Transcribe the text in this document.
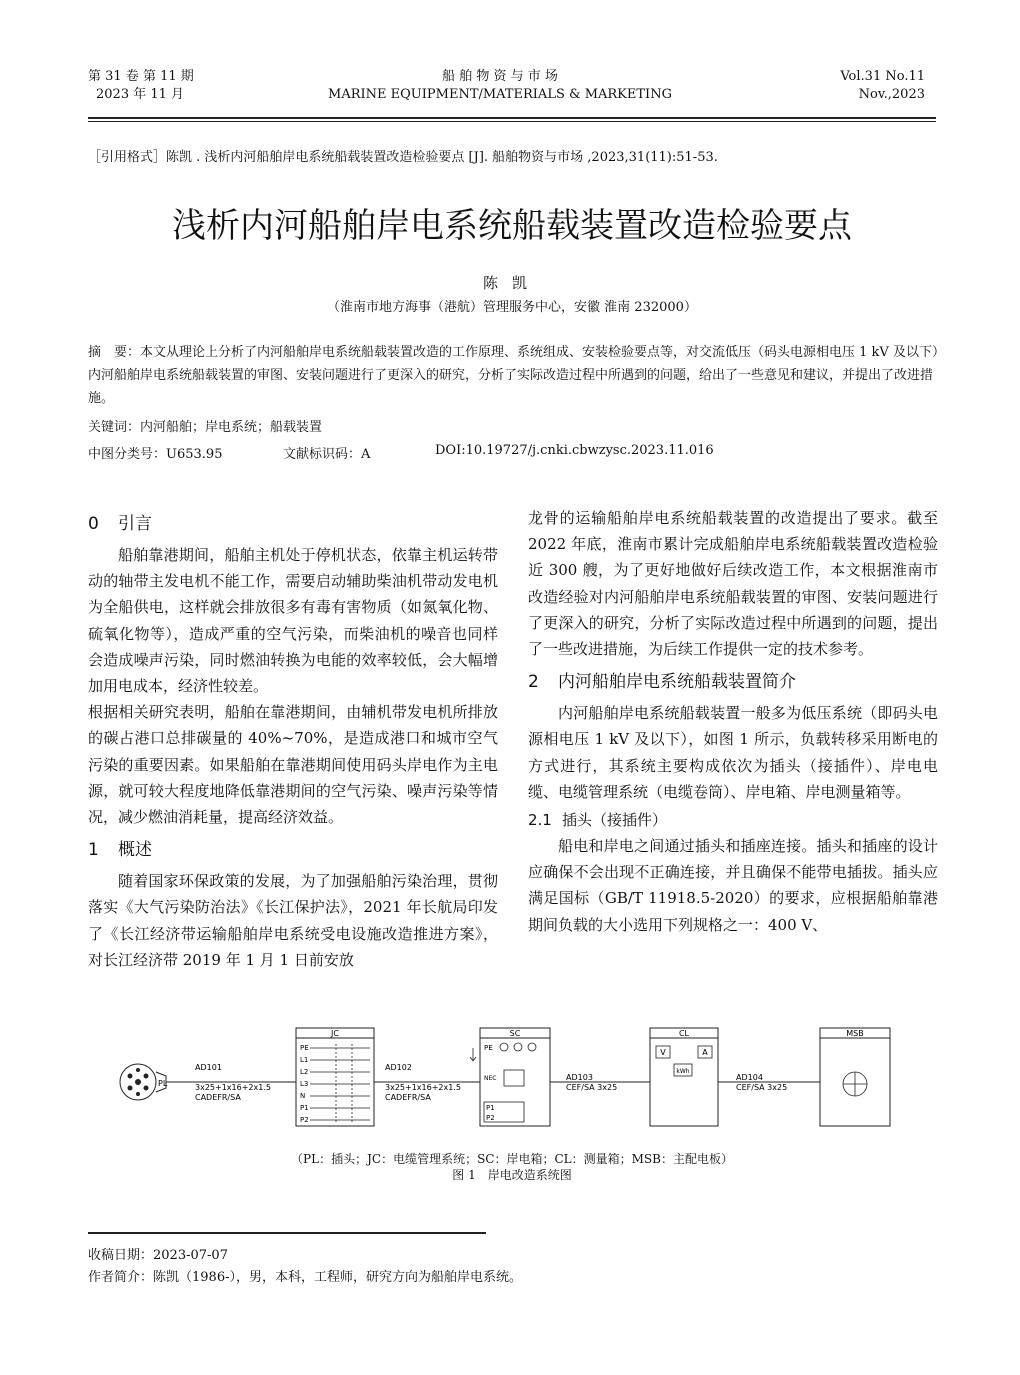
第 31 卷 第 11 期
2023 年 11 月
船 舶 物 资 与 市 场
MARINE EQUIPMENT/MATERIALS & MARKETING
Vol.31 No.11
Nov.,2023
［引用格式］陈凯 . 浅析内河船舶岸电系统船载装置改造检验要点 [J]. 船舶物资与市场 ,2023,31(11):51-53.
浅析内河船舶岸电系统船载装置改造检验要点
陈凯
（淮南市地方海事（港航）管理服务中心，安徽 淮南 232000）
摘　要：本文从理论上分析了内河船舶岸电系统船载装置改造的工作原理、系统组成、安装检验要点等，对交流低压（码头电源相电压 1 kV 及以下）内河船舶岸电系统船载装置的审图、安装问题进行了更深入的研究，分析了实际改造过程中所遇到的问题，给出了一些意见和建议，并提出了改进措施。
关键词：内河船舶；岸电系统；船载装置
中图分类号：U653.95	文献标识码：A	DOI:10.19727/j.cnki.cbwzysc.2023.11.016
0 引言

船舶靠港期间，船舶主机处于停机状态，依靠主机运转带动的轴带主发电机不能工作，需要启动辅助柴油机带动发电机为全船供电，这样就会排放很多有毒有害物质（如氮氧化物、硫氧化物等），造成严重的空气污染，而柴油机的噪音也同样会造成噪声污染，同时燃油转换为电能的效率较低，会大幅增加用电成本，经济性较差。

根据相关研究表明，船舶在靠港期间，由辅机带发电机所排放的碳占港口总排碳量的 40%~70%，是造成港口和城市空气污染的重要因素。如果船舶在靠港期间使用码头岸电作为主电源，就可较大程度地降低靠港期间的空气污染、噪声污染等情况，减少燃油消耗量，提高经济效益。

1 概述

随着国家环保政策的发展，为了加强船舶污染治理，贯彻落实《大气污染防治法》《长江保护法》，2021 年长航局印发了《长江经济带运输船舶岸电系统受电设施改造推进方案》，对长江经济带 2019 年 1 月 1 日前安放

龙骨的运输船舶岸电系统船载装置的改造提出了要求。截至 2022 年底，淮南市累计完成船舶岸电系统船载装置改造检验近 300 艘，为了更好地做好后续改造工作，本文根据淮南市改造经验对内河船舶岸电系统船载装置的审图、安装问题进行了更深入的研究，分析了实际改造过程中所遇到的问题，提出了一些改进措施，为后续工作提供一定的技术参考。

2 内河船舶岸电系统船载装置简介

内河船舶岸电系统船载装置一般多为低压系统（即码头电源相电压 1 kV 及以下），如图 1 所示，负载转移采用断电的方式进行，其系统主要构成依次为插头（接插件）、岸电电缆、电缆管理系统（电缆卷筒）、岸电箱、岸电测量箱等。

2.1 插头（接插件）

船电和岸电之间通过插头和插座连接。插头和插座的设计应确保不会出现不正确连接，并且确保不能带电插拔。插头应满足国标（GB/T 11918.5-2020）的要求，应根据船舶靠港期间负载的大小选用下列规格之一：400 V、

PL
AD101
3x25+1x16+2x1.5
CADEFR/SA
JC
PE
L1
L2
L3
N
P1
P2
AD102
3x25+1x16+2x1.5
CADEFR/SA
SC
PE
NEC
P1
P2
AD103
CEF/SA 3x25
CL
V	A
kWh
AD104
CEF/SA 3x25
MSB
（PL：插头；JC：电缆管理系统；SC：岸电箱；CL：测量箱；MSB：主配电板）
图 1　岸电改造系统图
收稿日期：2023-07-07
作者简介：陈凯（1986-），男，本科，工程师，研究方向为船舶岸电系统。
